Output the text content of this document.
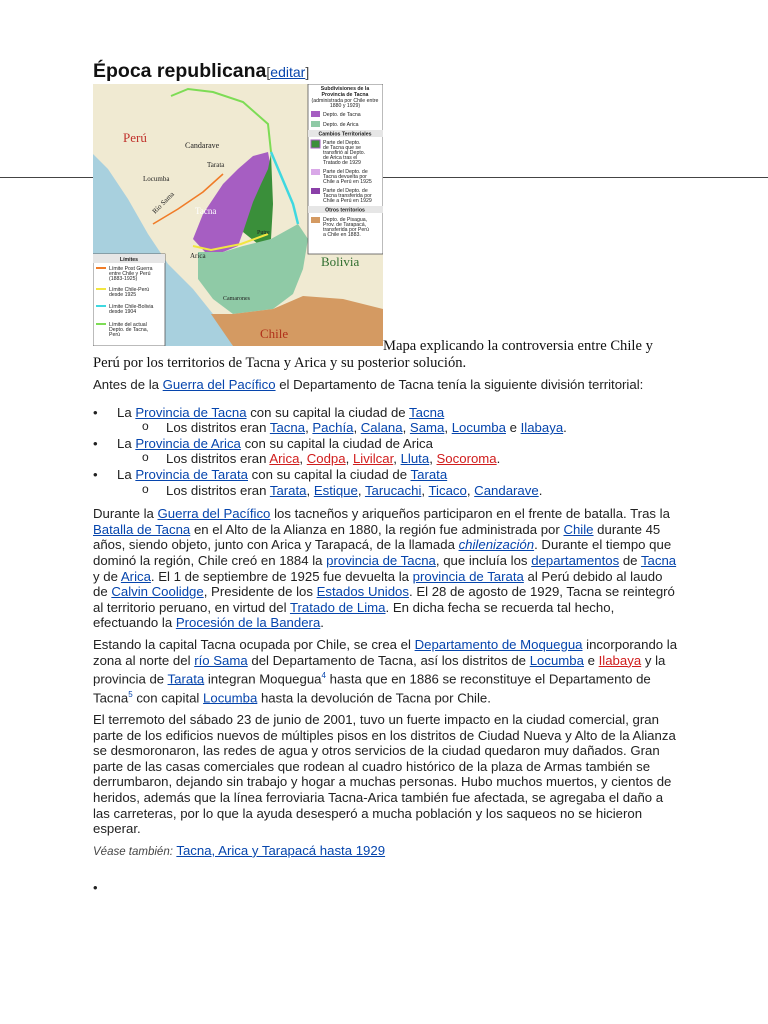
Época republicana[editar]
Perú
Bolivia
Chile
Candarave
Tarata
Locumba
Río Sama Tacna
Arica
Putre
Camarones
Subdivisiones de la
Provincia de Tacna
(administrada por Chile entre
1880 y 1929)
Depto. de Tacna
Depto. de Arica
Cambios Territoriales
Parte del Depto.
de Tacna que se
transfirió al Depto.
de Arica tras el
Tratado de 1929
Parte del Depto. de
Tacna devuelta por
Chile a Perú en 1925
Parte del Depto. de
Tacna transferida por
Chile a Perú en 1929
Otros territorios
Depto. de Pisagua,
Prov. de Tarapacá,
transferida por Perú
a Chile en 1883.
Límites
Límite Post Guerra
entre Chile y Perú
(1883-1925)
Límite Chile-Perú
desde 1925
Límite Chile-Bolivia
desde 1904
Límite del actual
Depto. de Tacna,
Perú
Mapa explicando la controversia entre Chile y Perú por los territorios de Tacna y Arica y su posterior solución.

Antes de la Guerra del Pacífico el Departamento de Tacna tenía la siguiente división territorial:

• La Provincia de Tacna con su capital la ciudad de Tacna
o Los distritos eran Tacna, Pachía, Calana, Sama, Locumba e Ilabaya.
• La Provincia de Arica con su capital la ciudad de Arica
o Los distritos eran Arica, Codpa, Livilcar, Lluta, Socoroma.
• La Provincia de Tarata con su capital la ciudad de Tarata
o Los distritos eran Tarata, Estique, Tarucachi, Ticaco, Candarave.

Durante la Guerra del Pacífico los tacneños y ariqueños participaron en el frente de batalla. Tras la Batalla de Tacna en el Alto de la Alianza en 1880, la región fue administrada por Chile durante 45 años, siendo objeto, junto con Arica y Tarapacá, de la llamada chilenización. Durante el tiempo que dominó la región, Chile creó en 1884 la provincia de Tacna, que incluía los departamentos de Tacna y de Arica. El 1 de septiembre de 1925 fue devuelta la provincia de Tarata al Perú debido al laudo de Calvin Coolidge, Presidente de los Estados Unidos. El 28 de agosto de 1929, Tacna se reintegró al territorio peruano, en virtud del Tratado de Lima. En dicha fecha se recuerda tal hecho, efectuando la Procesión de la Bandera.

Estando la capital Tacna ocupada por Chile, se crea el Departamento de Moquegua incorporando la zona al norte del río Sama del Departamento de Tacna, así los distritos de Locumba e Ilabaya y la provincia de Tarata integran Moquegua$^4$ hasta que en 1886 se reconstituye el Departamento de Tacna$^5$ con capital Locumba hasta la devolución de Tacna por Chile.

El terremoto del sábado 23 de junio de 2001, tuvo un fuerte impacto en la ciudad comercial, gran parte de los edificios nuevos de múltiples pisos en los distritos de Ciudad Nueva y Alto de la Alianza se desmoronaron, las redes de agua y otros servicios de la ciudad quedaron muy dañados. Gran parte de las casas comerciales que rodean al cuadro histórico de la plaza de Armas también se derrumbaron, dejando sin trabajo y hogar a muchas personas. Hubo muchos muertos, y cientos de heridos, además que la línea ferroviaria Tacna-Arica también fue afectada, se agregaba el daño a las carreteras, por lo que la ayuda desesperó a mucha población y los saqueos no se hicieron esperar.

Véase también: Tacna, Arica y Tarapacá hasta 1929
•
